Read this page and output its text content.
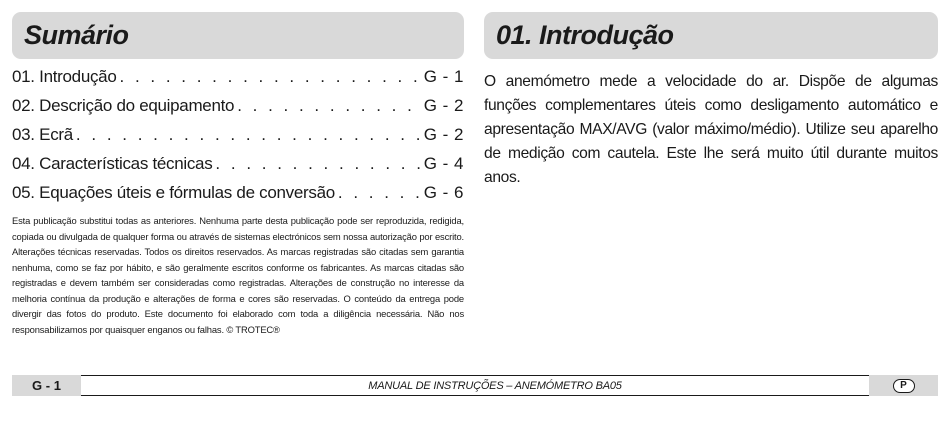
Sumário
01. Introdução . . .	G - 1
02. Descrição do equipamento . . .	G - 2
03. Ecrã . . .	G - 2
04. Características técnicas . . .	G - 4
05. Equações úteis e fórmulas de conversão . . .	G - 6

Esta publicação substitui todas as anteriores. Nenhuma parte desta publicação pode ser reproduzida, redigida, copiada ou divulgada de qualquer forma ou através de sistemas electrónicos sem nossa autorização por escrito. Alterações técnicas reservadas. Todos os direitos reservados. As marcas registradas são citadas sem garantia nenhuma, como se faz por hábito, e são geralmente escritos conforme os fabricantes. As marcas citadas são registradas e devem também ser consideradas como registradas. Alterações de construção no interesse da melhoria contínua da produção e alterações de forma e cores são reservadas. O conteúdo da entrega pode divergir das fotos do produto. Este documento foi elaborado com toda a diligência necessária. Não nos responsabilizamos por quaisquer enganos ou falhas. © TROTEC®

01. Introdução

O anemómetro mede a velocidade do ar. Dispõe de algumas funções complementares úteis como desligamento automático e apresentação MAX/AVG (valor máximo/médio). Utilize seu aparelho de medição com cautela. Este lhe será muito útil durante muitos anos.

G - 1	MANUAL DE INSTRUÇÕES – ANEMÓMETRO BA05	P
